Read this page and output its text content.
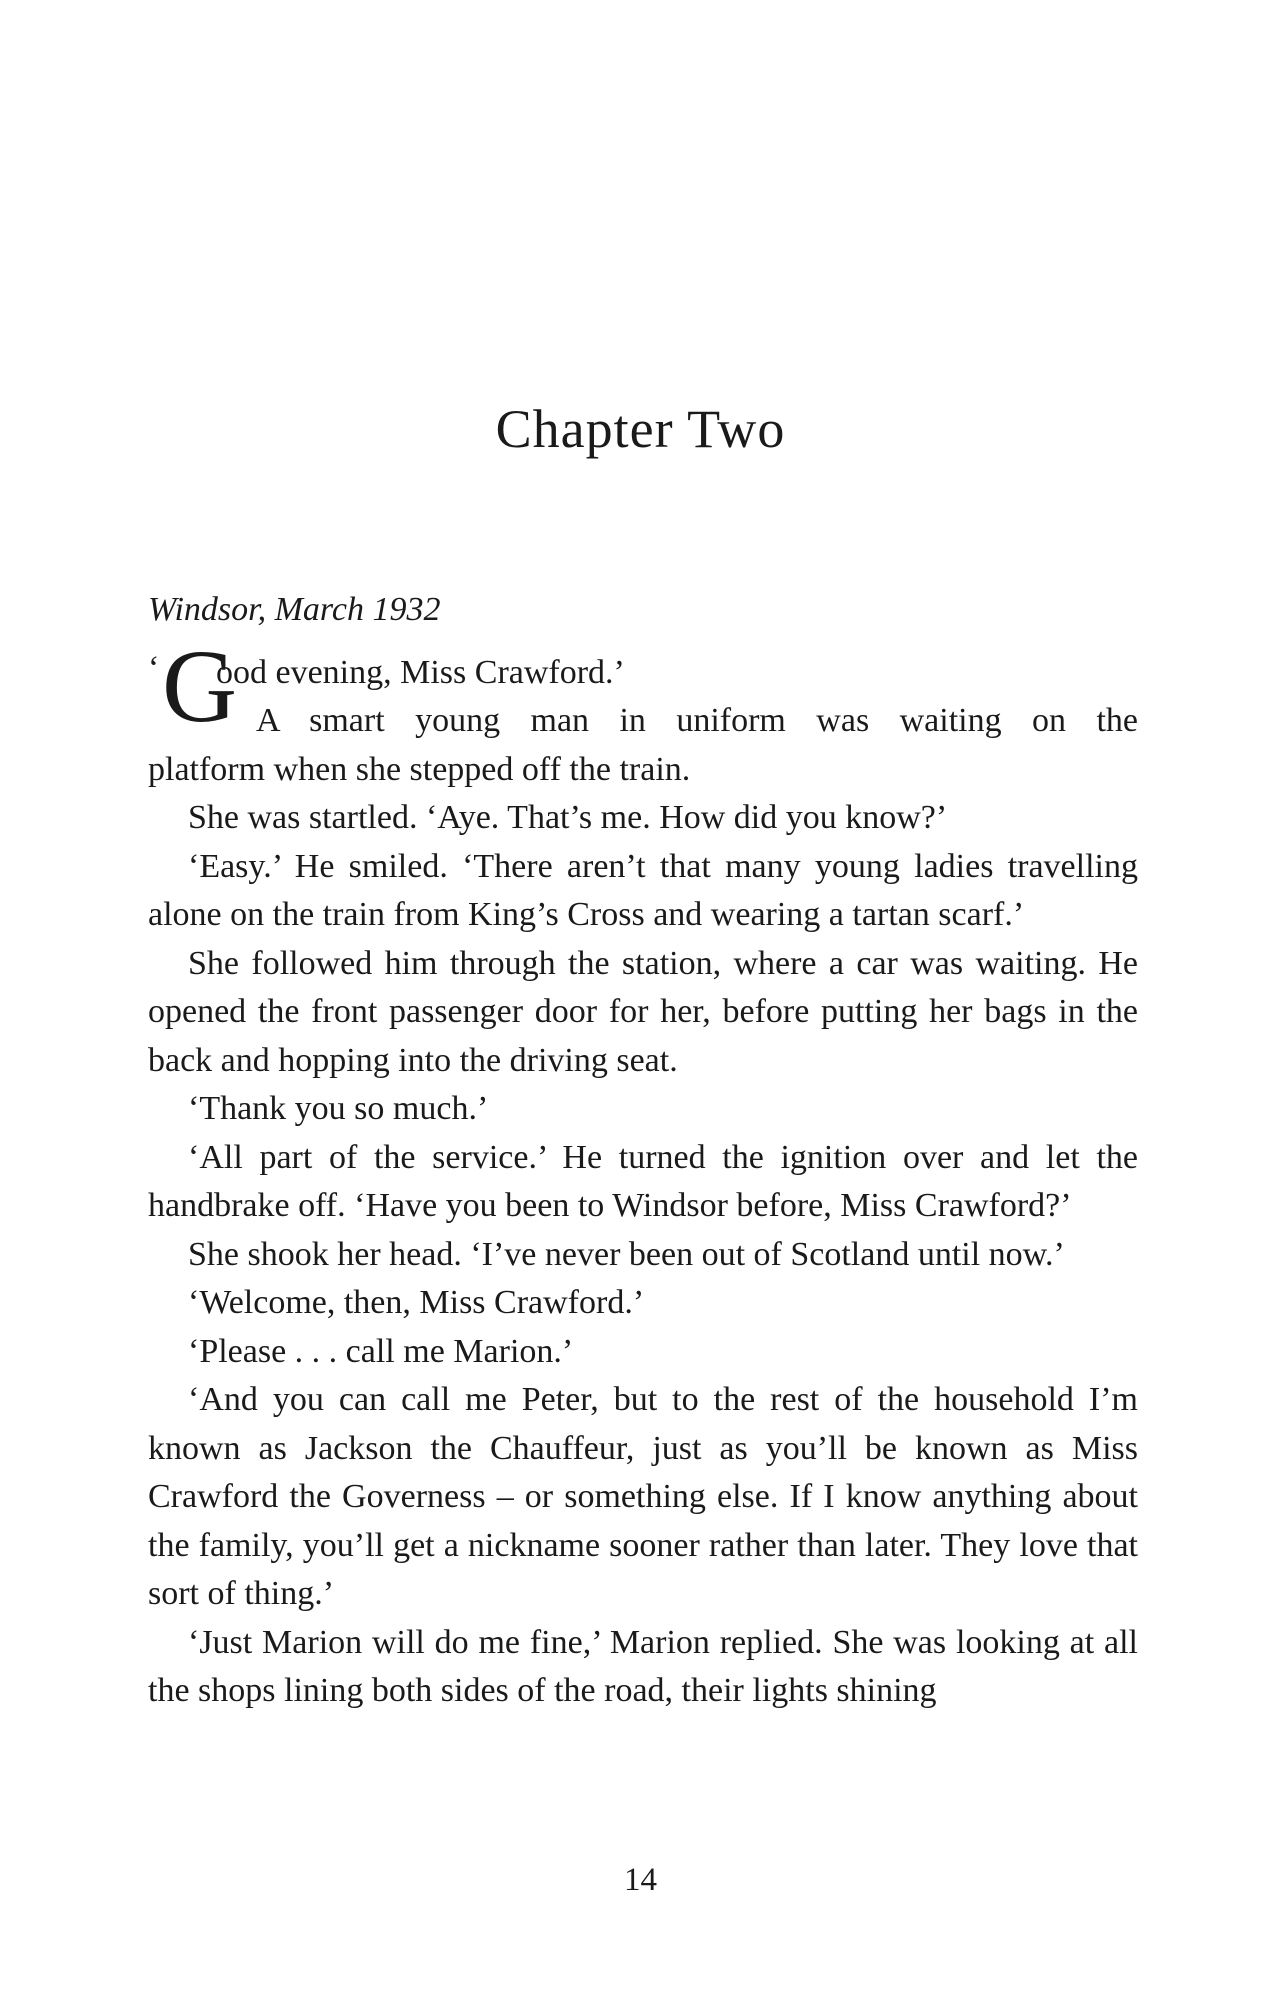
Chapter Two

Windsor, March 1932

‘ G
ood evening, Miss Crawford.’
A smart young man in uniform was waiting on the

platform when she stepped off the train.

She was startled. ‘Aye. That’s me. How did you know?’

‘Easy.’ He smiled. ‘There aren’t that many young ladies travelling alone on the train from King’s Cross and wearing a tartan scarf.’

She followed him through the station, where a car was waiting. He opened the front passenger door for her, before putting her bags in the back and hopping into the driving seat.

‘Thank you so much.’

‘All part of the service.’ He turned the ignition over and let the handbrake off. ‘Have you been to Windsor before, Miss Crawford?’

She shook her head. ‘I’ve never been out of Scotland until now.’

‘Welcome, then, Miss Crawford.’

‘Please . . . call me Marion.’

‘And you can call me Peter, but to the rest of the household I’m known as Jackson the Chauffeur, just as you’ll be known as Miss Crawford the Governess – or something else. If I know anything about the family, you’ll get a nickname sooner rather than later. They love that sort of thing.’

‘Just Marion will do me fine,’ Marion replied. She was looking at all the shops lining both sides of the road, their lights shining

14
